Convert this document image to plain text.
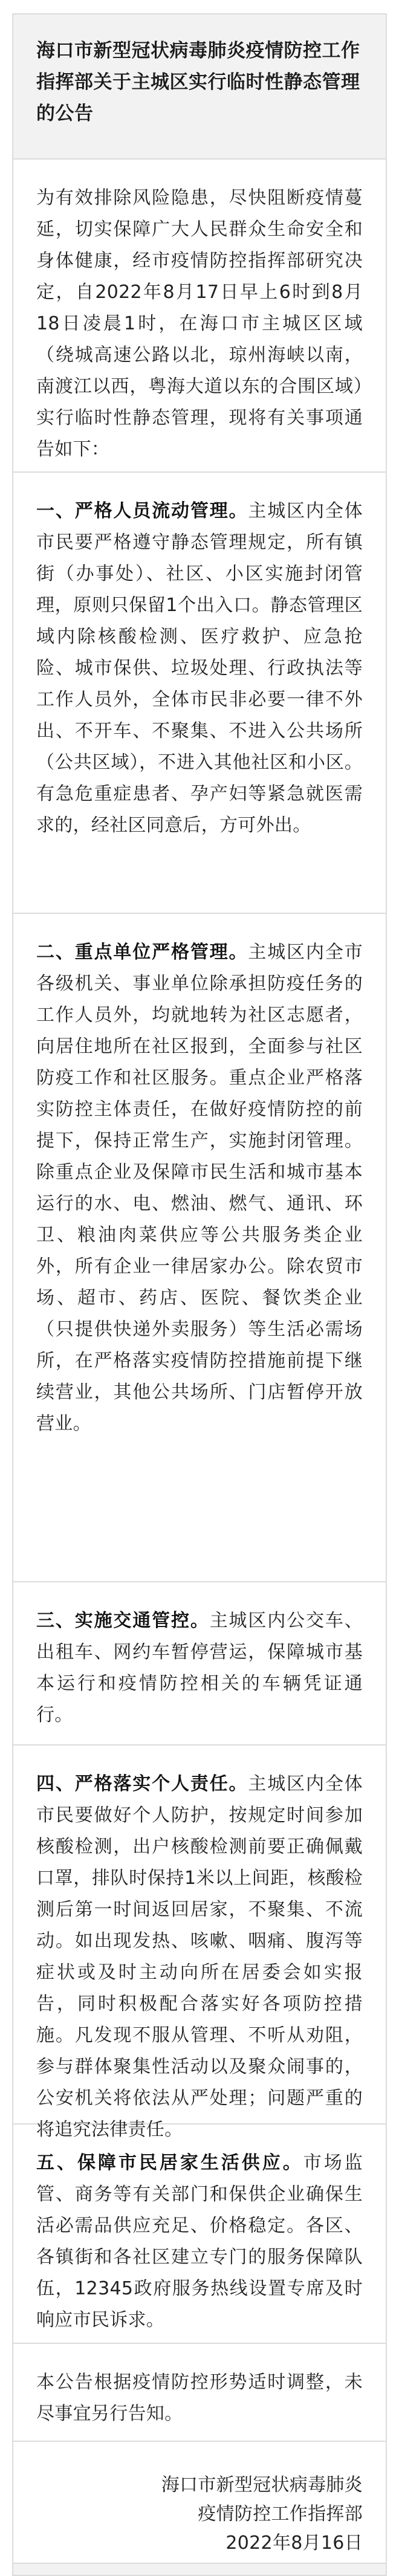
海口市新型冠状病毒肺炎疫情防控工作指挥部关于主城区实行临时性静态管理的公告

为有效排除风险隐患，尽快阻断疫情蔓延，切实保障广大人民群众生命安全和身体健康，经市疫情防控指挥部研究决定，自2022年8月17日早上6时到8月18日凌晨1时，在海口市主城区区域（绕城高速公路以北，琼州海峡以南，南渡江以西，粤海大道以东的合围区域）实行临时性静态管理，现将有关事项通告如下：

一、严格人员流动管理。主城区内全体市民要严格遵守静态管理规定，所有镇街（办事处）、社区、小区实施封闭管理，原则只保留1个出入口。静态管理区域内除核酸检测、医疗救护、应急抢险、城市保供、垃圾处理、行政执法等工作人员外，全体市民非必要一律不外出、不开车、不聚集、不进入公共场所（公共区域），不进入其他社区和小区。有急危重症患者、孕产妇等紧急就医需求的，经社区同意后，方可外出。

二、重点单位严格管理。主城区内全市各级机关、事业单位除承担防疫任务的工作人员外，均就地转为社区志愿者，向居住地所在社区报到，全面参与社区防疫工作和社区服务。重点企业严格落实防控主体责任，在做好疫情防控的前提下，保持正常生产，实施封闭管理。除重点企业及保障市民生活和城市基本运行的水、电、燃油、燃气、通讯、环卫、粮油肉菜供应等公共服务类企业外，所有企业一律居家办公。除农贸市场、超市、药店、医院、餐饮类企业（只提供快递外卖服务）等生活必需场所，在严格落实疫情防控措施前提下继续营业，其他公共场所、门店暂停开放营业。

三、实施交通管控。主城区内公交车、出租车、网约车暂停营运，保障城市基本运行和疫情防控相关的车辆凭证通行。

四、严格落实个人责任。主城区内全体市民要做好个人防护，按规定时间参加核酸检测，出户核酸检测前要正确佩戴口罩，排队时保持1米以上间距，核酸检测后第一时间返回居家，不聚集、不流动。如出现发热、咳嗽、咽痛、腹泻等症状或及时主动向所在居委会如实报告，同时积极配合落实好各项防控措施。凡发现不服从管理、不听从劝阻，参与群体聚集性活动以及聚众闹事的，公安机关将依法从严处理；问题严重的将追究法律责任。

五、保障市民居家生活供应。市场监管、商务等有关部门和保供企业确保生活必需品供应充足、价格稳定。各区、各镇街和各社区建立专门的服务保障队伍，12345政府服务热线设置专席及时响应市民诉求。

本公告根据疫情防控形势适时调整，未尽事宜另行告知。

海口市新型冠状病毒肺炎

疫情防控工作指挥部

2022年8月16日
